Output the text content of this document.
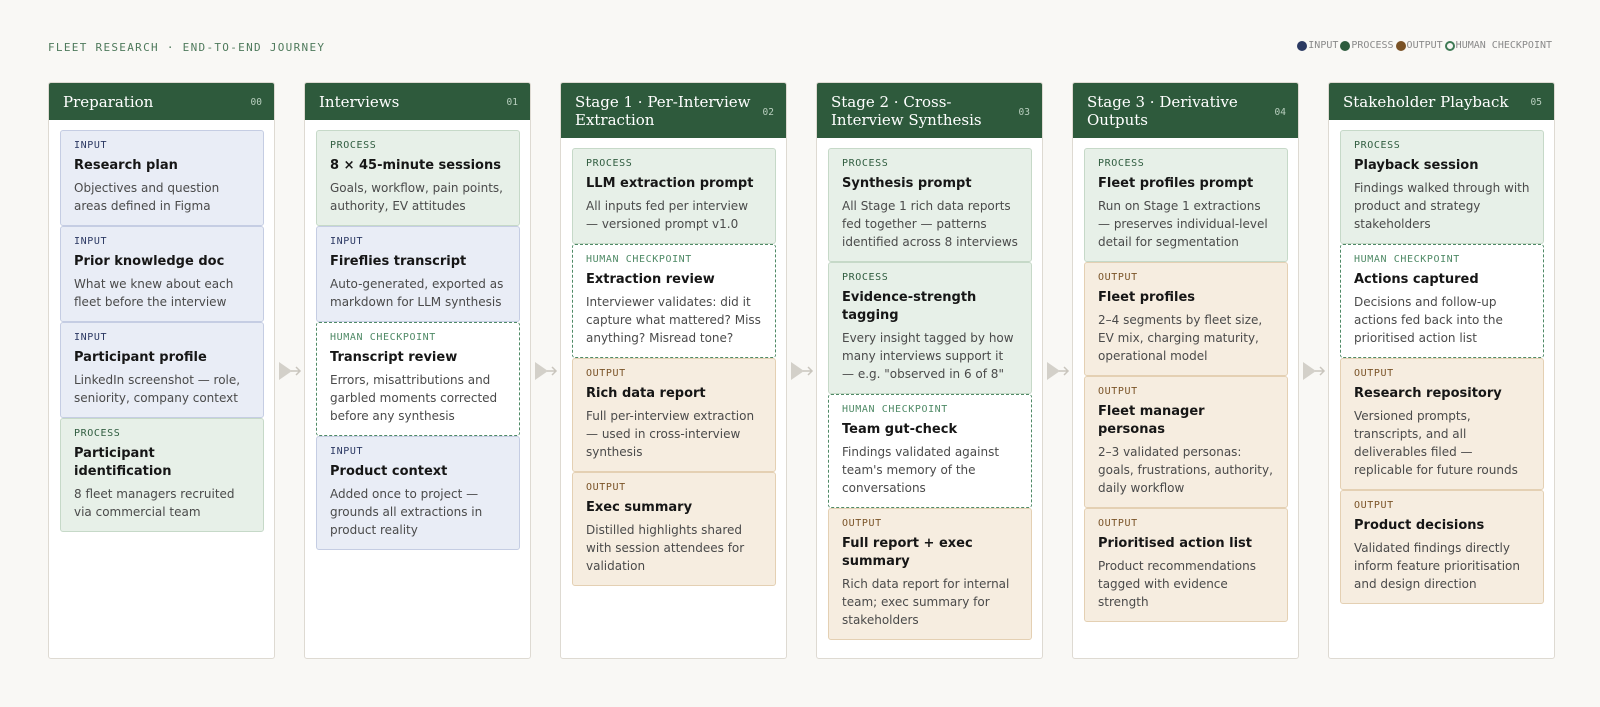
FLEET RESEARCH · END-TO-END JOURNEY	INPUT PROCESS OUTPUT HUMAN CHECKPOINT
Preparation	00
INPUT
Research plan
Objectives and question areas defined in Figma
INPUT
Prior knowledge doc
What we knew about each fleet before the interview
INPUT
Participant profile
LinkedIn screenshot — role, seniority, company context
PROCESS
Participant identification
8 fleet managers recruited via commercial team
Interviews	01
PROCESS
8 × 45-minute sessions
Goals, workflow, pain points, authority, EV attitudes
INPUT
Fireflies transcript
Auto-generated, exported as markdown for LLM synthesis
HUMAN CHECKPOINT
Transcript review
Errors, misattributions and garbled moments corrected before any synthesis
INPUT
Product context
Added once to project — grounds all extractions in product reality
Stage 1 · Per-Interview Extraction	02
PROCESS
LLM extraction prompt
All inputs fed per interview — versioned prompt v1.0
HUMAN CHECKPOINT
Extraction review
Interviewer validates: did it capture what mattered? Miss anything? Misread tone?
OUTPUT
Rich data report
Full per-interview extraction — used in cross-interview synthesis
OUTPUT
Exec summary
Distilled highlights shared with session attendees for validation
Stage 2 · Cross-Interview Synthesis	03
PROCESS
Synthesis prompt
All Stage 1 rich data reports fed together — patterns identified across 8 interviews
PROCESS
Evidence-strength tagging
Every insight tagged by how many interviews support it — e.g. "observed in 6 of 8"
HUMAN CHECKPOINT
Team gut-check
Findings validated against team's memory of the conversations
OUTPUT
Full report + exec summary
Rich data report for internal team; exec summary for stakeholders
Stage 3 · Derivative Outputs	04
PROCESS
Fleet profiles prompt
Run on Stage 1 extractions — preserves individual-level detail for segmentation
OUTPUT
Fleet profiles
2–4 segments by fleet size, EV mix, charging maturity, operational model
OUTPUT
Fleet manager personas
2–3 validated personas: goals, frustrations, authority, daily workflow
OUTPUT
Prioritised action list
Product recommendations tagged with evidence strength
Stakeholder Playback	05
PROCESS
Playback session
Findings walked through with product and strategy stakeholders
HUMAN CHECKPOINT
Actions captured
Decisions and follow-up actions fed back into the prioritised action list
OUTPUT
Research repository
Versioned prompts, transcripts, and all deliverables filed — replicable for future rounds
OUTPUT
Product decisions
Validated findings directly inform feature prioritisation and design direction
